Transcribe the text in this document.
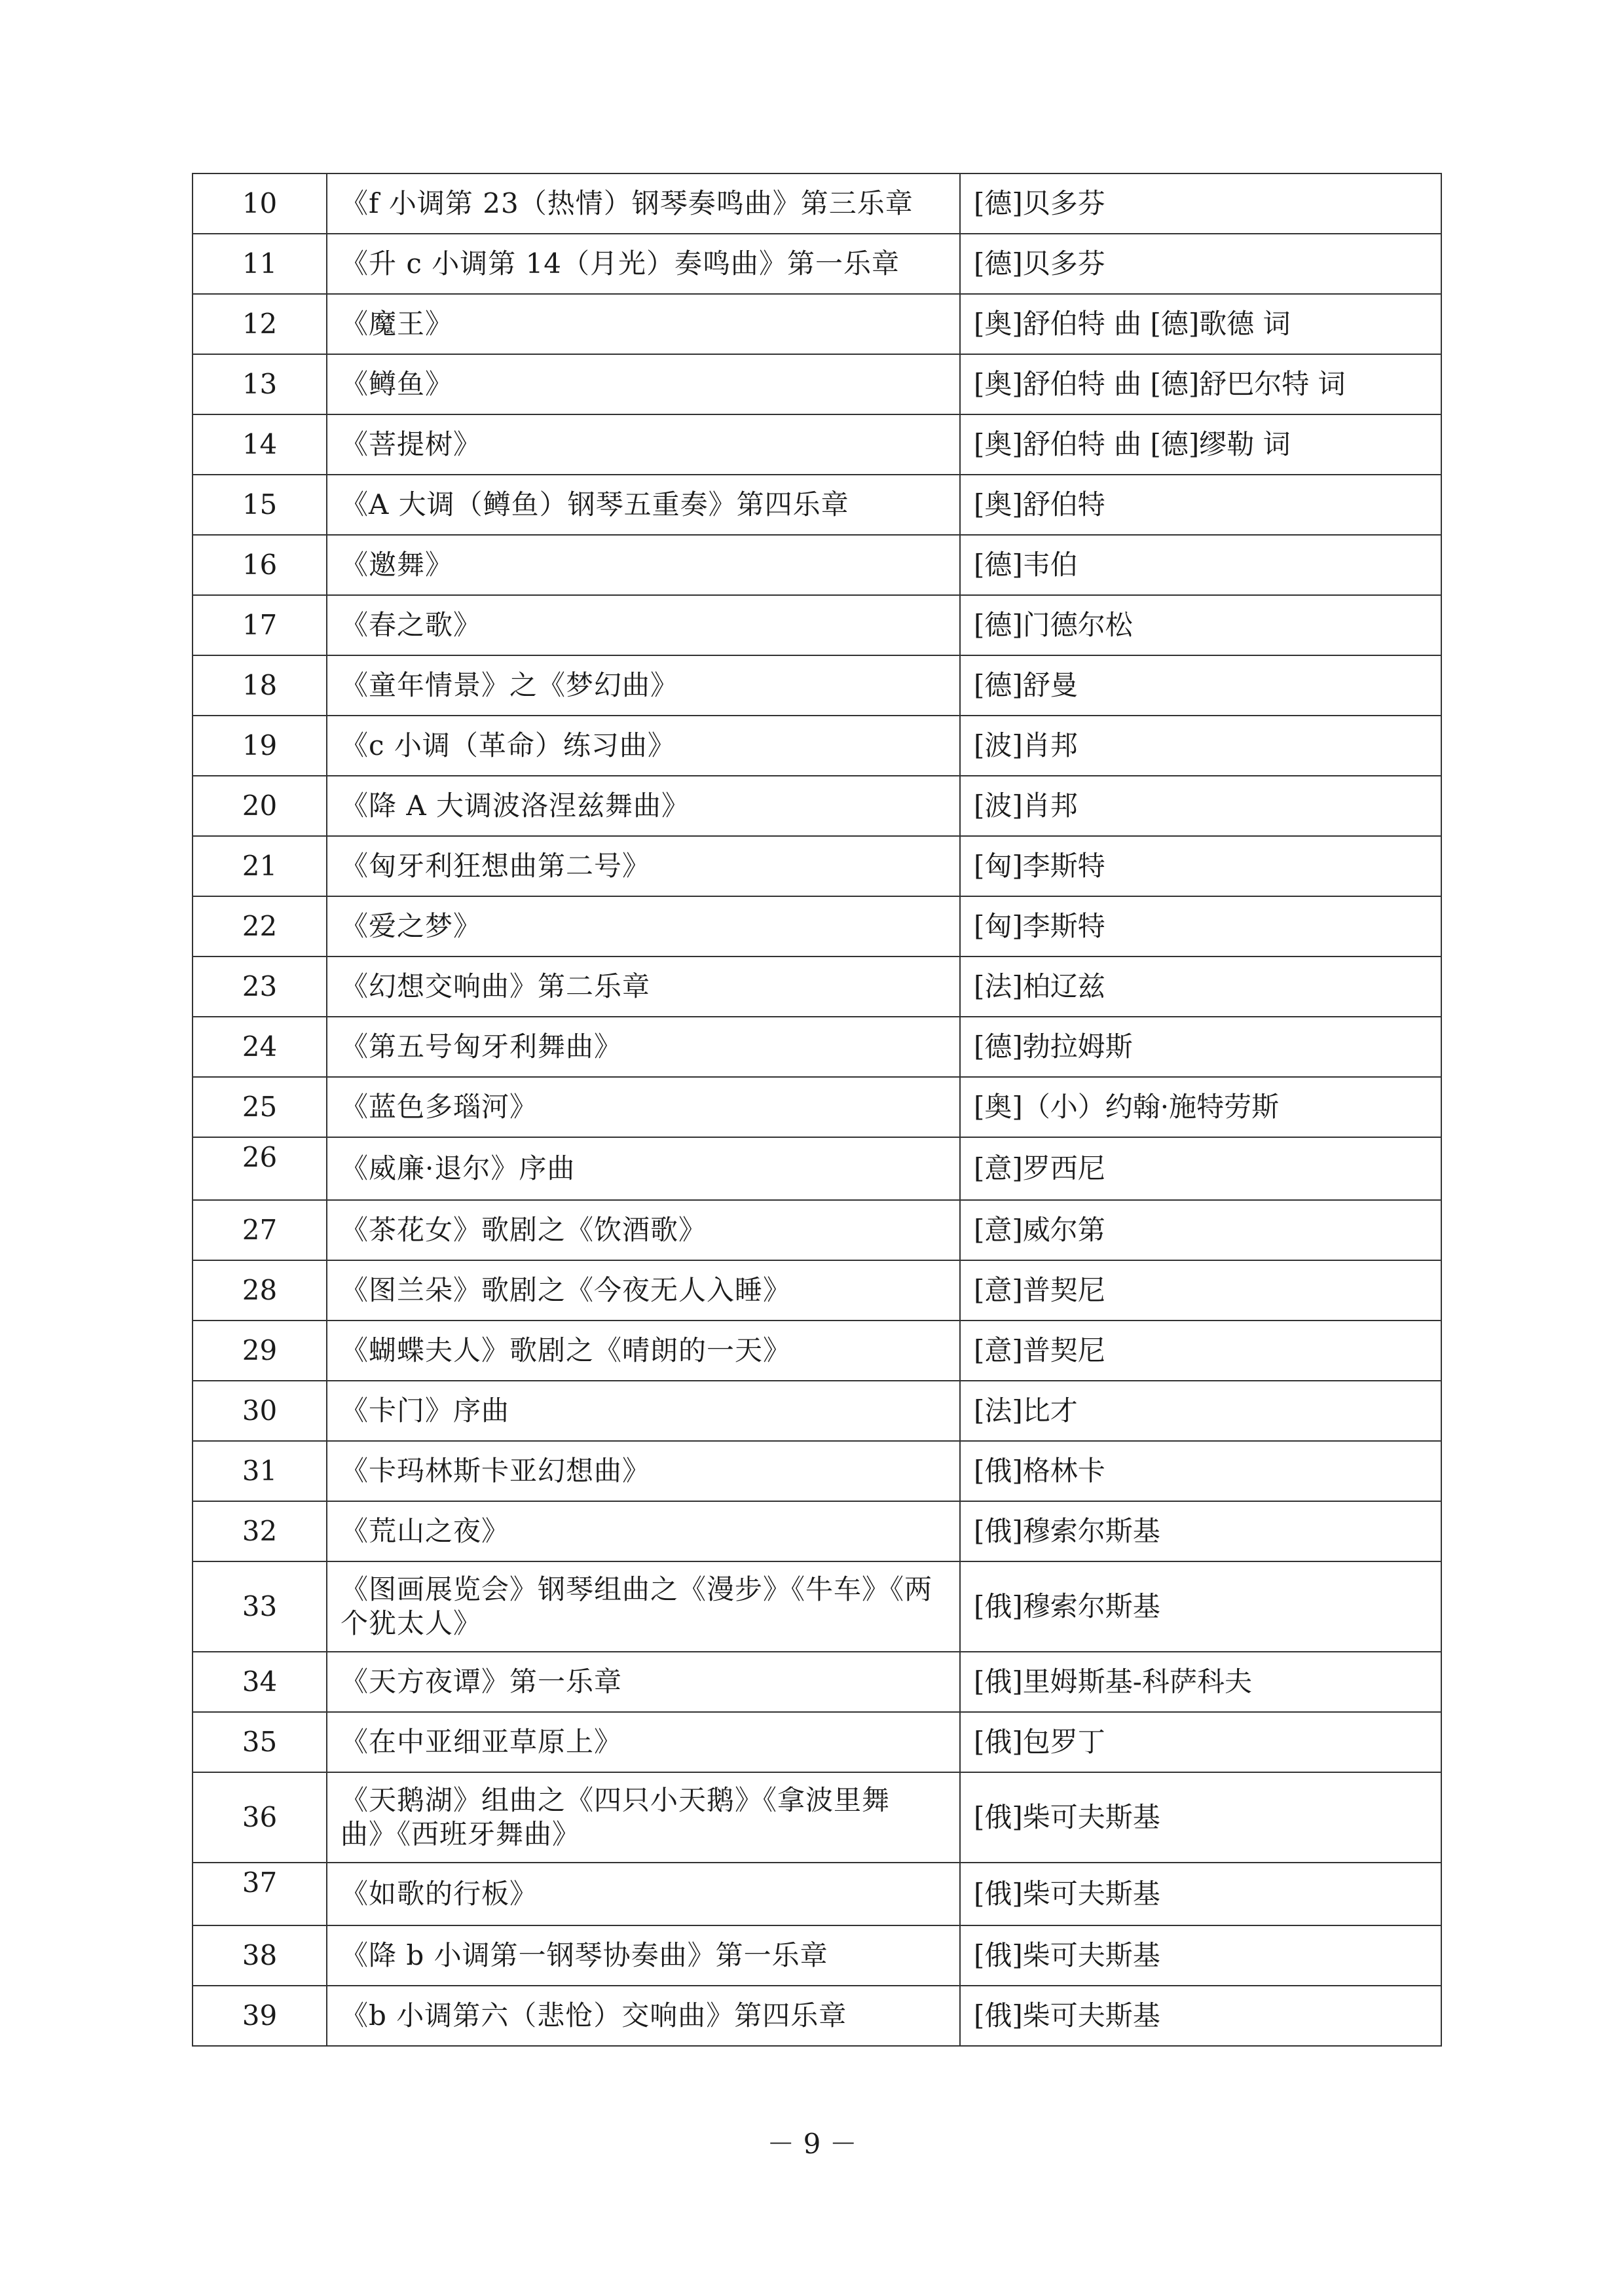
10	《f 小调第 23（热情）钢琴奏鸣曲》第三乐章	[德]贝多芬
11	《升 c 小调第 14（月光）奏鸣曲》第一乐章	[德]贝多芬
12	《魔王》	[奥]舒伯特 曲 [德]歌德 词
13	《鳟鱼》	[奥]舒伯特 曲 [德]舒巴尔特 词
14	《菩提树》	[奥]舒伯特 曲 [德]缪勒 词
15	《A 大调（鳟鱼）钢琴五重奏》第四乐章	[奥]舒伯特
16	《邀舞》	[德]韦伯
17	《春之歌》	[德]门德尔松
18	《童年情景》之《梦幻曲》	[德]舒曼
19	《c 小调（革命）练习曲》	[波]肖邦
20	《降 A 大调波洛涅兹舞曲》	[波]肖邦
21	《匈牙利狂想曲第二号》	[匈]李斯特
22	《爱之梦》	[匈]李斯特
23	《幻想交响曲》第二乐章	[法]柏辽兹
24	《第五号匈牙利舞曲》	[德]勃拉姆斯
25	《蓝色多瑙河》	[奥]（小）约翰·施特劳斯
26	《威廉·退尔》序曲	[意]罗西尼
27	《茶花女》歌剧之《饮酒歌》	[意]威尔第
28	《图兰朵》歌剧之《今夜无人入睡》	[意]普契尼
29	《蝴蝶夫人》歌剧之《晴朗的一天》	[意]普契尼
30	《卡门》序曲	[法]比才
31	《卡玛林斯卡亚幻想曲》	[俄]格林卡
32	《荒山之夜》	[俄]穆索尔斯基
33	《图画展览会》钢琴组曲之《漫步》《牛车》《两个犹太人》	[俄]穆索尔斯基
34	《天方夜谭》第一乐章	[俄]里姆斯基-科萨科夫
35	《在中亚细亚草原上》	[俄]包罗丁
36	《天鹅湖》组曲之《四只小天鹅》《拿波里舞曲》《西班牙舞曲》	[俄]柴可夫斯基
37	《如歌的行板》	[俄]柴可夫斯基
38	《降 b 小调第一钢琴协奏曲》第一乐章	[俄]柴可夫斯基
39	《b 小调第六（悲怆）交响曲》第四乐章	[俄]柴可夫斯基
－ 9 －
